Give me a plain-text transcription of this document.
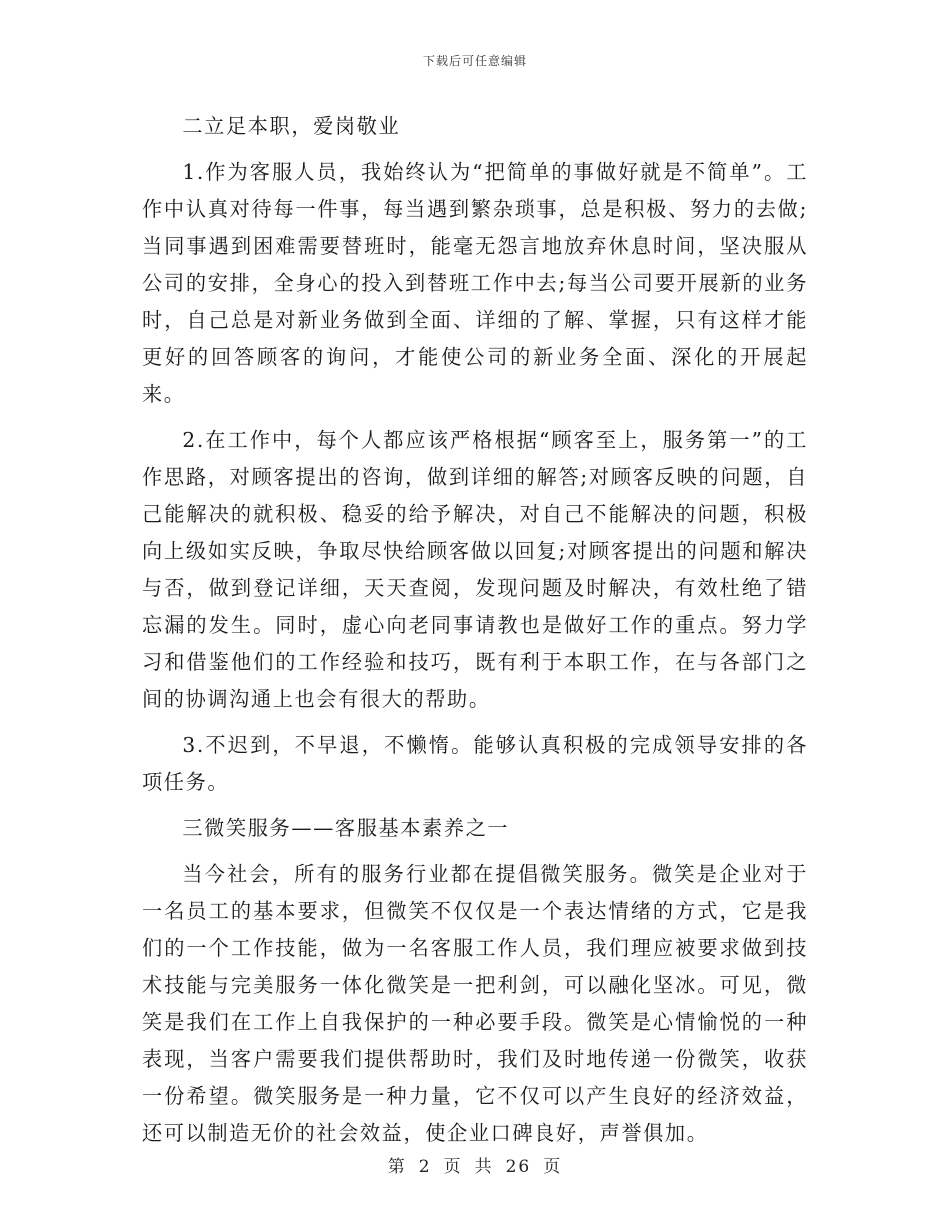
下载后可任意编辑

二立足本职，爱岗敬业

1.作为客服人员，我始终认为“把简单的事做好就是不简单”。工作中认真对待每一件事，每当遇到繁杂琐事，总是积极、努力的去做;当同事遇到困难需要替班时，能毫无怨言地放弃休息时间，坚决服从公司的安排，全身心的投入到替班工作中去;每当公司要开展新的业务时，自己总是对新业务做到全面、详细的了解、掌握，只有这样才能更好的回答顾客的询问，才能使公司的新业务全面、深化的开展起来。

2.在工作中，每个人都应该严格根据“顾客至上，服务第一”的工作思路，对顾客提出的咨询，做到详细的解答;对顾客反映的问题，自己能解决的就积极、稳妥的给予解决，对自己不能解决的问题，积极向上级如实反映，争取尽快给顾客做以回复;对顾客提出的问题和解决与否，做到登记详细，天天查阅，发现问题及时解决，有效杜绝了错忘漏的发生。同时，虚心向老同事请教也是做好工作的重点。努力学习和借鉴他们的工作经验和技巧，既有利于本职工作，在与各部门之间的协调沟通上也会有很大的帮助。

3.不迟到，不早退，不懒惰。能够认真积极的完成领导安排的各项任务。

三微笑服务——客服基本素养之一

当今社会，所有的服务行业都在提倡微笑服务。微笑是企业对于一名员工的基本要求，但微笑不仅仅是一个表达情绪的方式，它是我们的一个工作技能，做为一名客服工作人员，我们理应被要求做到技术技能与完美服务一体化微笑是一把利剑，可以融化坚冰。可见，微笑是我们在工作上自我保护的一种必要手段。微笑是心情愉悦的一种表现，当客户需要我们提供帮助时，我们及时地传递一份微笑，收获一份希望。微笑服务是一种力量，它不仅可以产生良好的经济效益，还可以制造无价的社会效益，使企业口碑良好，声誉俱加。

第 2 页 共 26 页
